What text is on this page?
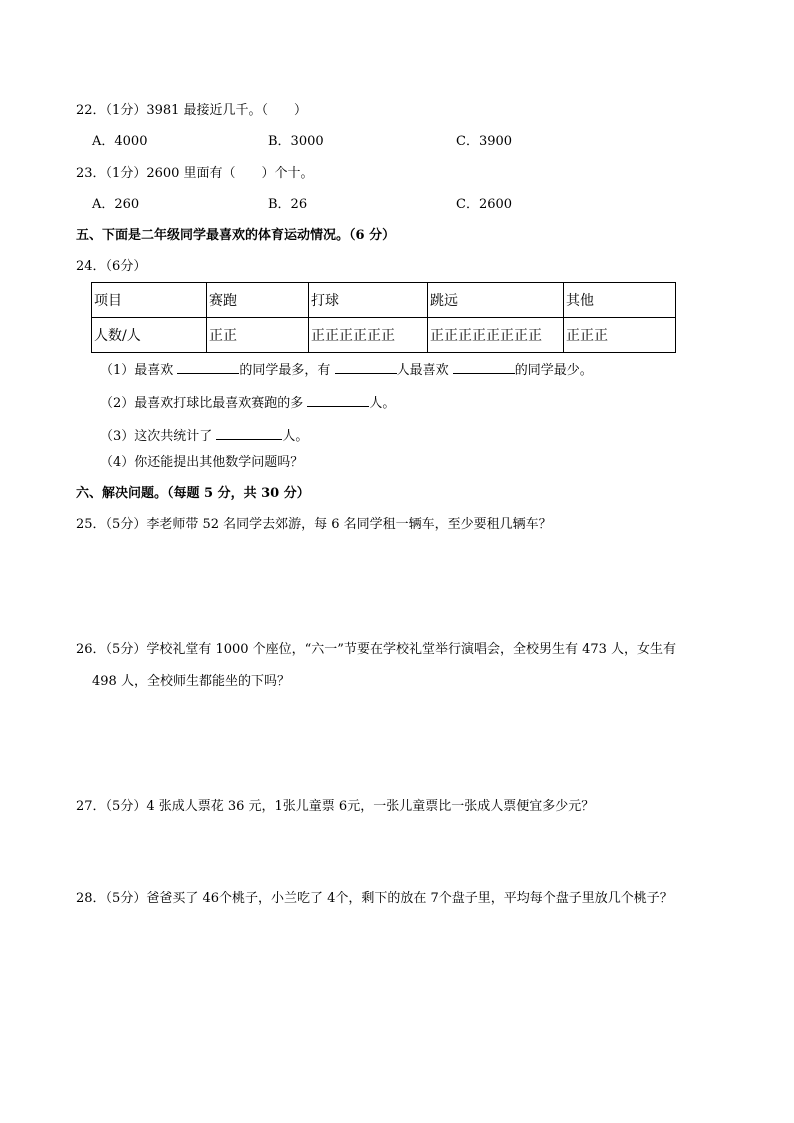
22．（1分）3981 最接近几千。（　　）
A．4000	B．3000	C．3900
23．（1分）2600 里面有（　　）个十。
A．260	B．26	C．2600
五、下面是二年级同学最喜欢的体育运动情况。（6 分）
24．（6分）
项目	赛跑	打球	跳远	其他
人数/人	正正	正正正正正正	正正正正正正正正	正正正
（1）最喜欢	的同学最多，有	人最喜欢	的同学最少。
（2）最喜欢打球比最喜欢赛跑的多	人。
（3）这次共统计了	人。
（4）你还能提出其他数学问题吗？
六、解决问题。（每题 5 分，共 30 分）
25．（5分）李老师带 52 名同学去郊游，每 6 名同学租一辆车，至少要租几辆车？
26．（5分）学校礼堂有 1000 个座位，“六一”节要在学校礼堂举行演唱会，全校男生有 473 人，女生有
498 人，全校师生都能坐的下吗？
27．（5分）4 张成人票花 36 元，1张儿童票 6元，一张儿童票比一张成人票便宜多少元？
28．（5分）爸爸买了 46个桃子，小兰吃了 4个，剩下的放在 7个盘子里，平均每个盘子里放几个桃子？
